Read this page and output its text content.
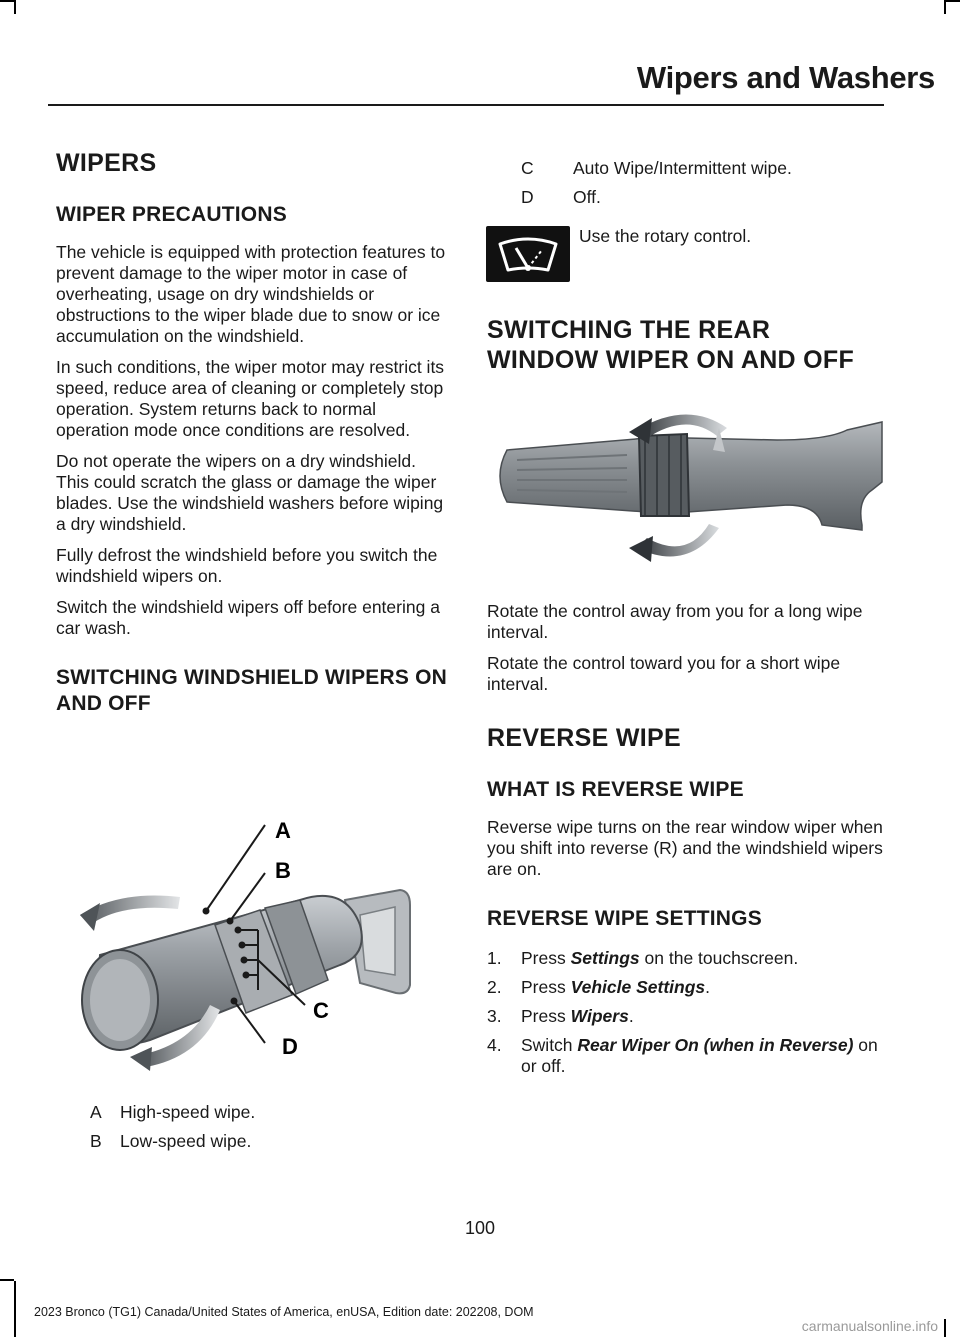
Wipers and Washers
WIPERS
WIPER PRECAUTIONS

The vehicle is equipped with protection features to prevent damage to the wiper motor in case of overheating, usage on dry windshields or obstructions to the wiper blade due to snow or ice accumulation on the windshield.

In such conditions, the wiper motor may restrict its speed, reduce area of cleaning or completely stop operation. System returns back to normal operation mode once conditions are resolved.

Do not operate the wipers on a dry windshield. This could scratch the glass or damage the wiper blades. Use the windshield washers before wiping a dry windshield.

Fully defrost the windshield before you switch the windshield wipers on.

Switch the windshield wipers off before entering a car wash.

SWITCHING WINDSHIELD WIPERS ON AND OFF
A
B
C
D
A	High-speed wipe.
B	Low-speed wipe.
C	Auto Wipe/Intermittent wipe.
D	Off.
Use the rotary control.
SWITCHING THE REAR
WINDOW WIPER ON AND OFF

Rotate the control away from you for a long wipe interval.

Rotate the control toward you for a short wipe interval.

REVERSE WIPE
WHAT IS REVERSE WIPE

Reverse wipe turns on the rear window wiper when you shift into reverse (R) and the windshield wipers are on.

REVERSE WIPE SETTINGS
1.	Press Settings on the touchscreen.
2.	Press Vehicle Settings.
3.	Press Wipers.
4.	Switch Rear Wiper On (when in Reverse) on or off.
100
2023 Bronco (TG1) Canada/United States of America, enUSA, Edition date: 202208, DOM
carmanualsonline.info
